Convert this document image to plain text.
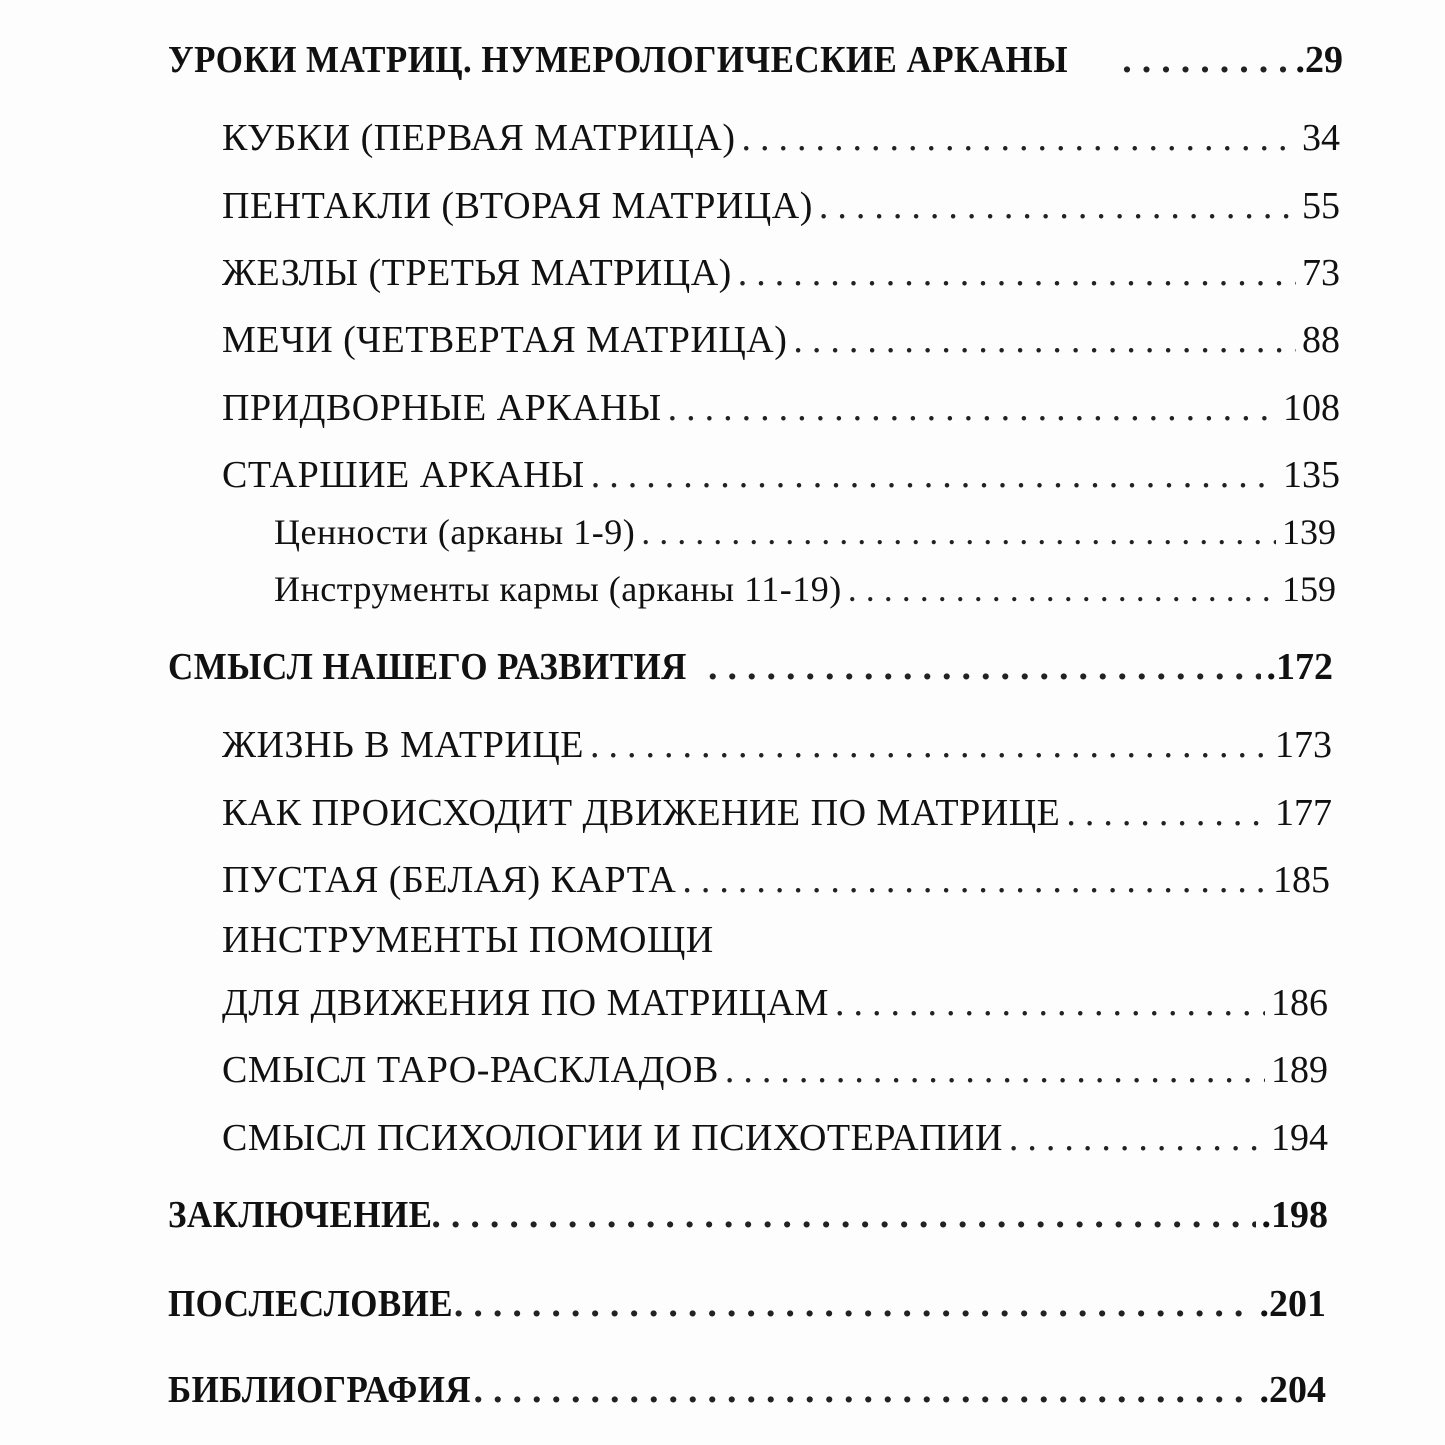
УРОКИ МАТРИЦ. НУМЕРОЛОГИЧЕСКИЕ АРКАНЫ .....	.29
КУБКИ (ПЕРВАЯ МАТРИЦА) .....	34
ПЕНТАКЛИ (ВТОРАЯ МАТРИЦА) .....	55
ЖЕЗЛЫ (ТРЕТЬЯ МАТРИЦА) .....	73
МЕЧИ (ЧЕТВЕРТАЯ МАТРИЦА) .....	88
ПРИДВОРНЫЕ АРКАНЫ .....	108
СТАРШИЕ АРКАНЫ .....	135
Ценности (арканы 1-9) .....	139
Инструменты кармы (арканы 11-19) .....	159
СМЫСЛ НАШЕГО РАЗВИТИЯ .....	.172
ЖИЗНЬ В МАТРИЦЕ .....	173
КАК ПРОИСХОДИТ ДВИЖЕНИЕ ПО МАТРИЦЕ .....	177
ПУСТАЯ (БЕЛАЯ) КАРТА .....	185
ИНСТРУМЕНТЫ ПОМОЩИ
ДЛЯ ДВИЖЕНИЯ ПО МАТРИЦАМ .....	186
СМЫСЛ ТАРО-РАСКЛАДОВ .....	189
СМЫСЛ ПСИХОЛОГИИ И ПСИХОТЕРАПИИ .....	194
ЗАКЛЮЧЕНИЕ .....	.198
ПОСЛЕСЛОВИЕ .....	.201
БИБЛИОГРАФИЯ .....	.204
